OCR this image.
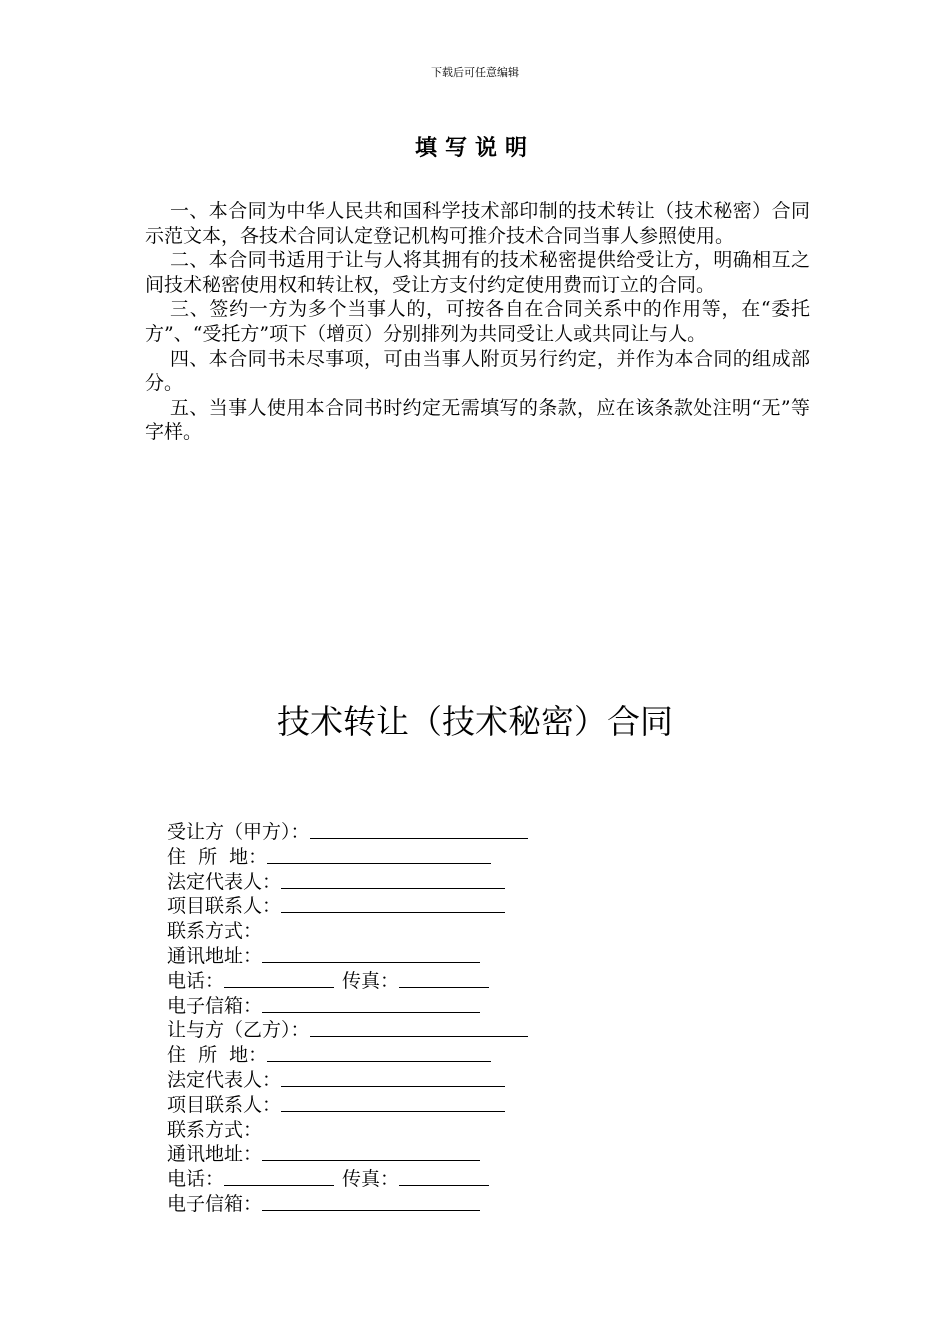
下载后可任意编辑
填写说明

一、本合同为中华人民共和国科学技术部印制的技术转让（技术秘密）合同示范文本，各技术合同认定登记机构可推介技术合同当事人参照使用。

二、本合同书适用于让与人将其拥有的技术秘密提供给受让方，明确相互之间技术秘密使用权和转让权，受让方支付约定使用费而订立的合同。

三、签约一方为多个当事人的，可按各自在合同关系中的作用等，在“委托方”、“受托方”项下（增页）分别排列为共同受让人或共同让与人。

四、本合同书未尽事项，可由当事人附页另行约定，并作为本合同的组成部分。

五、当事人使用本合同书时约定无需填写的条款，应在该条款处注明“无”等字样。

技术转让（技术秘密）合同
受让方（甲方）：
住  所  地：
法定代表人：
项目联系人：
联系方式：
通讯地址：
电话：	传真：
电子信箱：
让与方（乙方）：
住  所  地：
法定代表人：
项目联系人：
联系方式：
通讯地址：
电话：	传真：
电子信箱：
